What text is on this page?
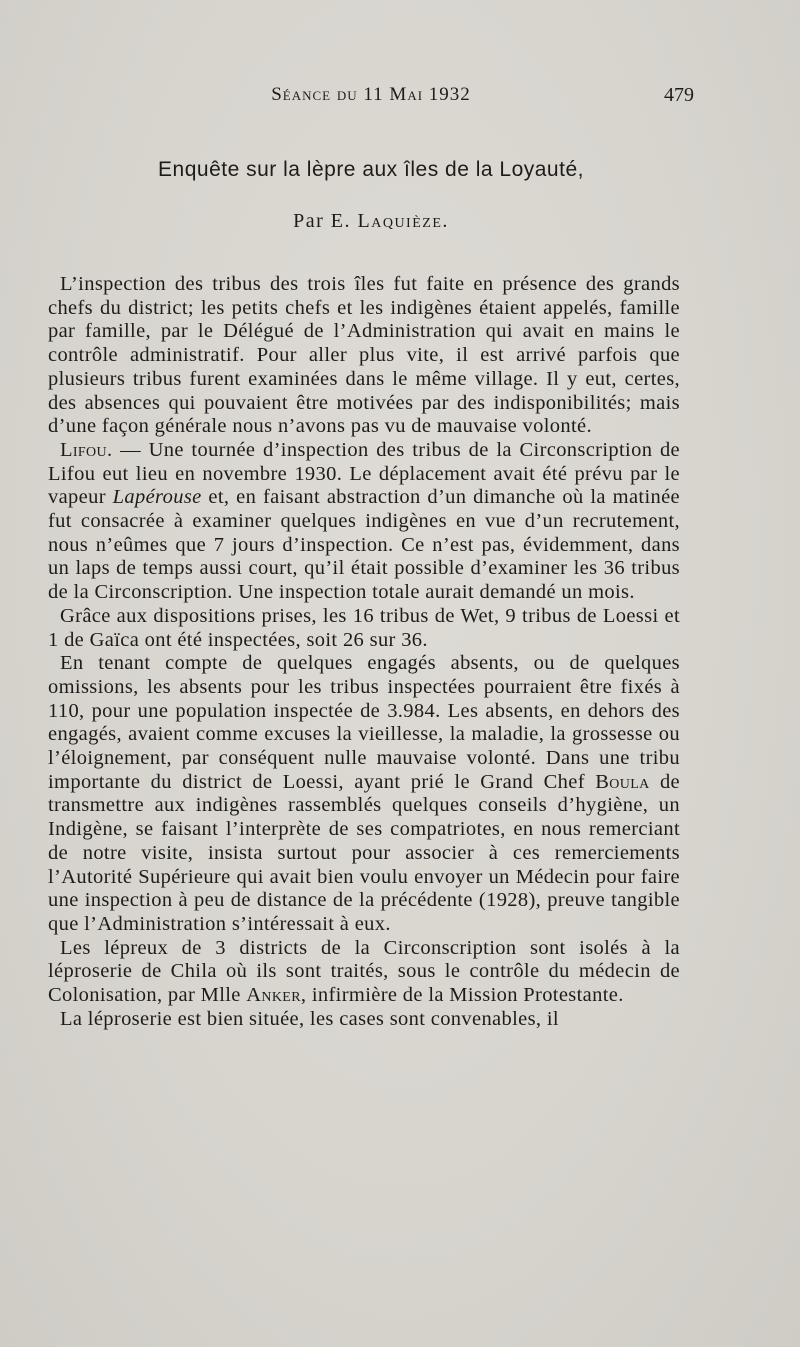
Séance du 11 Mai 1932	479
Enquête sur la lèpre aux îles de la Loyauté,
Par E. Laquièze.

L’inspection des tribus des trois îles fut faite en présence des grands chefs du district; les petits chefs et les indigènes étaient appelés, famille par famille, par le Délégué de l’Administration qui avait en mains le contrôle administratif. Pour aller plus vite, il est arrivé parfois que plusieurs tribus furent examinées dans le même village. Il y eut, certes, des absences qui pouvaient être motivées par des indisponibilités; mais d’une façon générale nous n’avons pas vu de mauvaise volonté.

Lifou. — Une tournée d’inspection des tribus de la Circonscription de Lifou eut lieu en novembre 1930. Le déplacement avait été prévu par le vapeur Lapérouse et, en faisant abstraction d’un dimanche où la matinée fut consacrée à examiner quelques indigènes en vue d’un recrutement, nous n’eûmes que 7 jours d’inspection. Ce n’est pas, évidemment, dans un laps de temps aussi court, qu’il était possible d’examiner les 36 tribus de la Circonscription. Une inspection totale aurait demandé un mois.

Grâce aux dispositions prises, les 16 tribus de Wet, 9 tribus de Loessi et 1 de Gaïca ont été inspectées, soit 26 sur 36.

En tenant compte de quelques engagés absents, ou de quelques omissions, les absents pour les tribus inspectées pourraient être fixés à 110, pour une population inspectée de 3.984. Les absents, en dehors des engagés, avaient comme excuses la vieillesse, la maladie, la grossesse ou l’éloignement, par conséquent nulle mauvaise volonté. Dans une tribu importante du district de Loessi, ayant prié le Grand Chef Boula de transmettre aux indigènes rassemblés quelques conseils d’hygiène, un Indigène, se faisant l’interprète de ses compatriotes, en nous remerciant de notre visite, insista surtout pour associer à ces remerciements l’Autorité Supérieure qui avait bien voulu envoyer un Médecin pour faire une inspection à peu de distance de la précédente (1928), preuve tangible que l’Administration s’intéressait à eux.

Les lépreux de 3 districts de la Circonscription sont isolés à la léproserie de Chila où ils sont traités, sous le contrôle du médecin de Colonisation, par Mlle Anker, infirmière de la Mission Protestante.

La léproserie est bien située, les cases sont convenables, il
